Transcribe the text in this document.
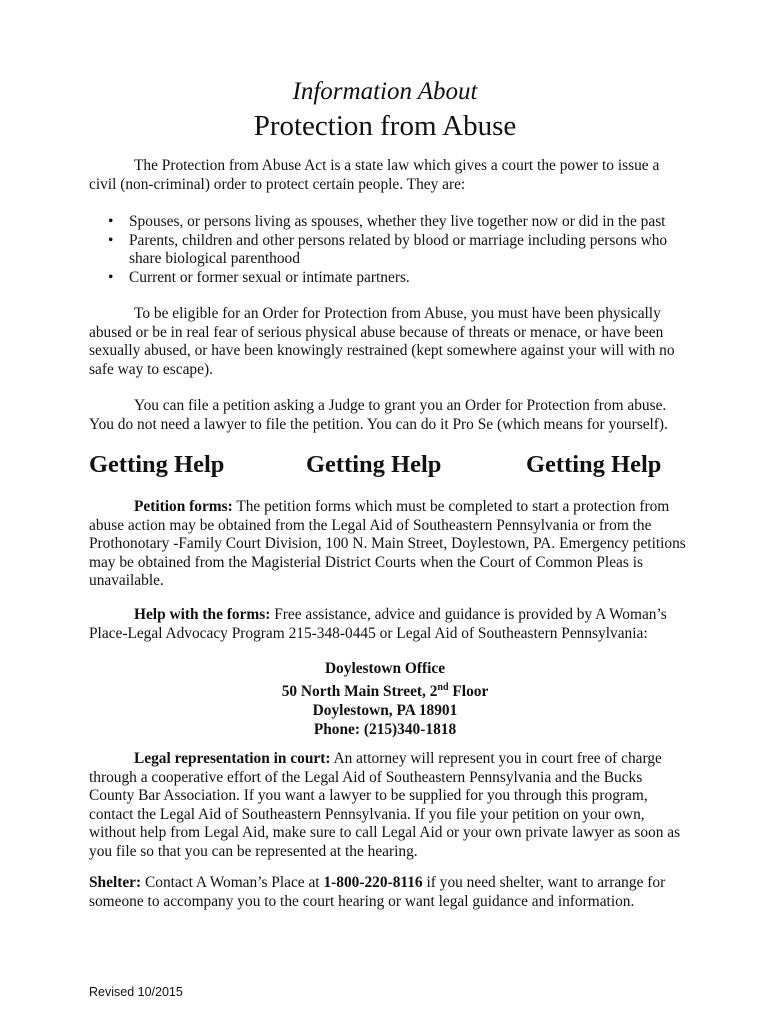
Information About
Protection from Abuse

The Protection from Abuse Act is a state law which gives a court the power to issue a civil (non-criminal) order to protect certain people. They are:

• Spouses, or persons living as spouses, whether they live together now or did in the past
• Parents, children and other persons related by blood or marriage including persons who share biological parenthood
• Current or former sexual or intimate partners.

To be eligible for an Order for Protection from Abuse, you must have been physically abused or be in real fear of serious physical abuse because of threats or menace, or have been sexually abused, or have been knowingly restrained (kept somewhere against your will with no safe way to escape).

You can file a petition asking a Judge to grant you an Order for Protection from abuse. You do not need a lawyer to file the petition. You can do it Pro Se (which means for yourself).

Getting Help	Getting Help	Getting Help

Petition forms: The petition forms which must be completed to start a protection from abuse action may be obtained from the Legal Aid of Southeastern Pennsylvania or from the Prothonotary -Family Court Division, 100 N. Main Street, Doylestown, PA. Emergency petitions may be obtained from the Magisterial District Courts when the Court of Common Pleas is unavailable.

Help with the forms: Free assistance, advice and guidance is provided by A Woman’s Place-Legal Advocacy Program 215-348-0445 or Legal Aid of Southeastern Pennsylvania:

Doylestown Office
50 North Main Street, 2nd Floor
Doylestown, PA 18901
Phone: (215)340-1818

Legal representation in court: An attorney will represent you in court free of charge through a cooperative effort of the Legal Aid of Southeastern Pennsylvania and the Bucks County Bar Association. If you want a lawyer to be supplied for you through this program, contact the Legal Aid of Southeastern Pennsylvania. If you file your petition on your own, without help from Legal Aid, make sure to call Legal Aid or your own private lawyer as soon as you file so that you can be represented at the hearing.

Shelter: Contact A Woman’s Place at 1-800-220-8116 if you need shelter, want to arrange for someone to accompany you to the court hearing or want legal guidance and information.

Revised 10/2015
